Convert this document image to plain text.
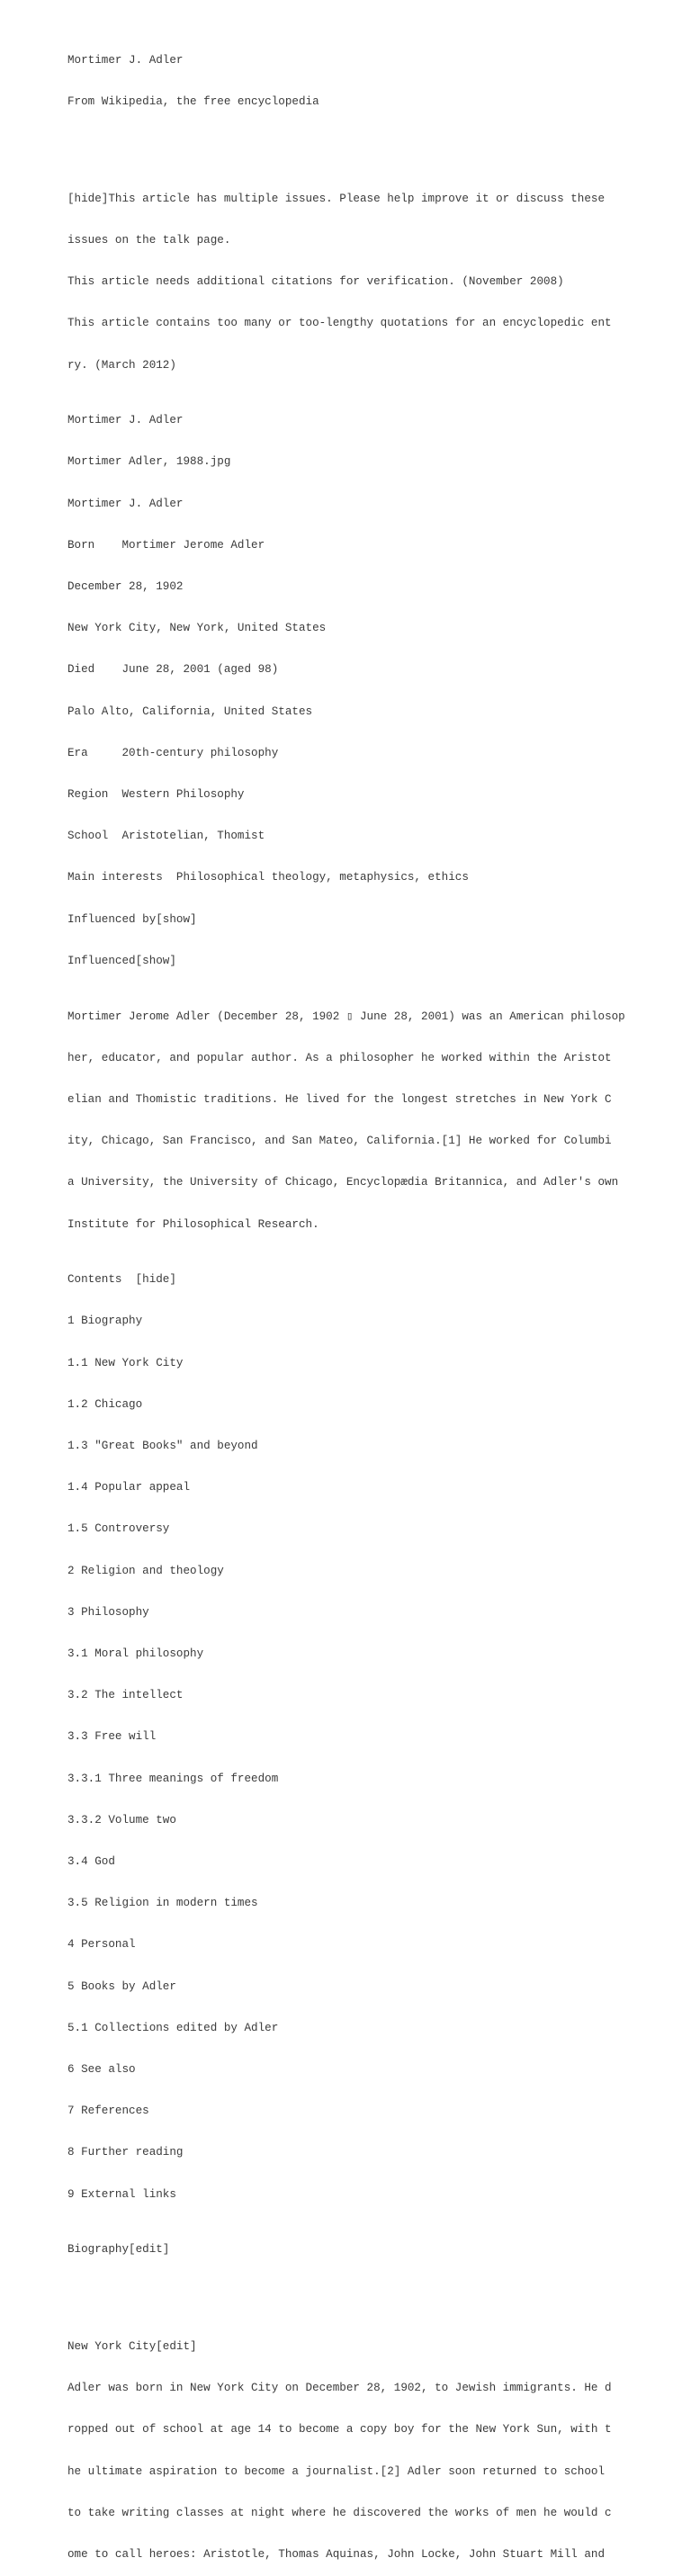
Mortimer J. Adler

From Wikipedia, the free encyclopedia

[hide]This article has multiple issues. Please help improve it or discuss these

issues on the talk page.

This article needs additional citations for verification. (November 2008)

This article contains too many or too-lengthy quotations for an encyclopedic ent

ry. (March 2012)

Mortimer J. Adler

Mortimer Adler, 1988.jpg

Mortimer J. Adler

Born    Mortimer Jerome Adler

December 28, 1902

New York City, New York, United States

Died    June 28, 2001 (aged 98)

Palo Alto, California, United States

Era     20th-century philosophy

Region  Western Philosophy

School  Aristotelian, Thomist

Main interests  Philosophical theology, metaphysics, ethics

Influenced by[show]

Influenced[show]

Mortimer Jerome Adler (December 28, 1902 ▯ June 28, 2001) was an American philosop

her, educator, and popular author. As a philosopher he worked within the Aristot

elian and Thomistic traditions. He lived for the longest stretches in New York C

ity, Chicago, San Francisco, and San Mateo, California.[1] He worked for Columbi

a University, the University of Chicago, Encyclopædia Britannica, and Adler's own

Institute for Philosophical Research.

Contents  [hide]

1 Biography

1.1 New York City

1.2 Chicago

1.3 "Great Books" and beyond

1.4 Popular appeal

1.5 Controversy

2 Religion and theology

3 Philosophy

3.1 Moral philosophy

3.2 The intellect

3.3 Free will

3.3.1 Three meanings of freedom

3.3.2 Volume two

3.4 God

3.5 Religion in modern times

4 Personal

5 Books by Adler

5.1 Collections edited by Adler

6 See also

7 References

8 Further reading

9 External links

Biography[edit]

New York City[edit]

Adler was born in New York City on December 28, 1902, to Jewish immigrants. He d

ropped out of school at age 14 to become a copy boy for the New York Sun, with t

he ultimate aspiration to become a journalist.[2] Adler soon returned to school

to take writing classes at night where he discovered the works of men he would c

ome to call heroes: Aristotle, Thomas Aquinas, John Locke, John Stuart Mill and
